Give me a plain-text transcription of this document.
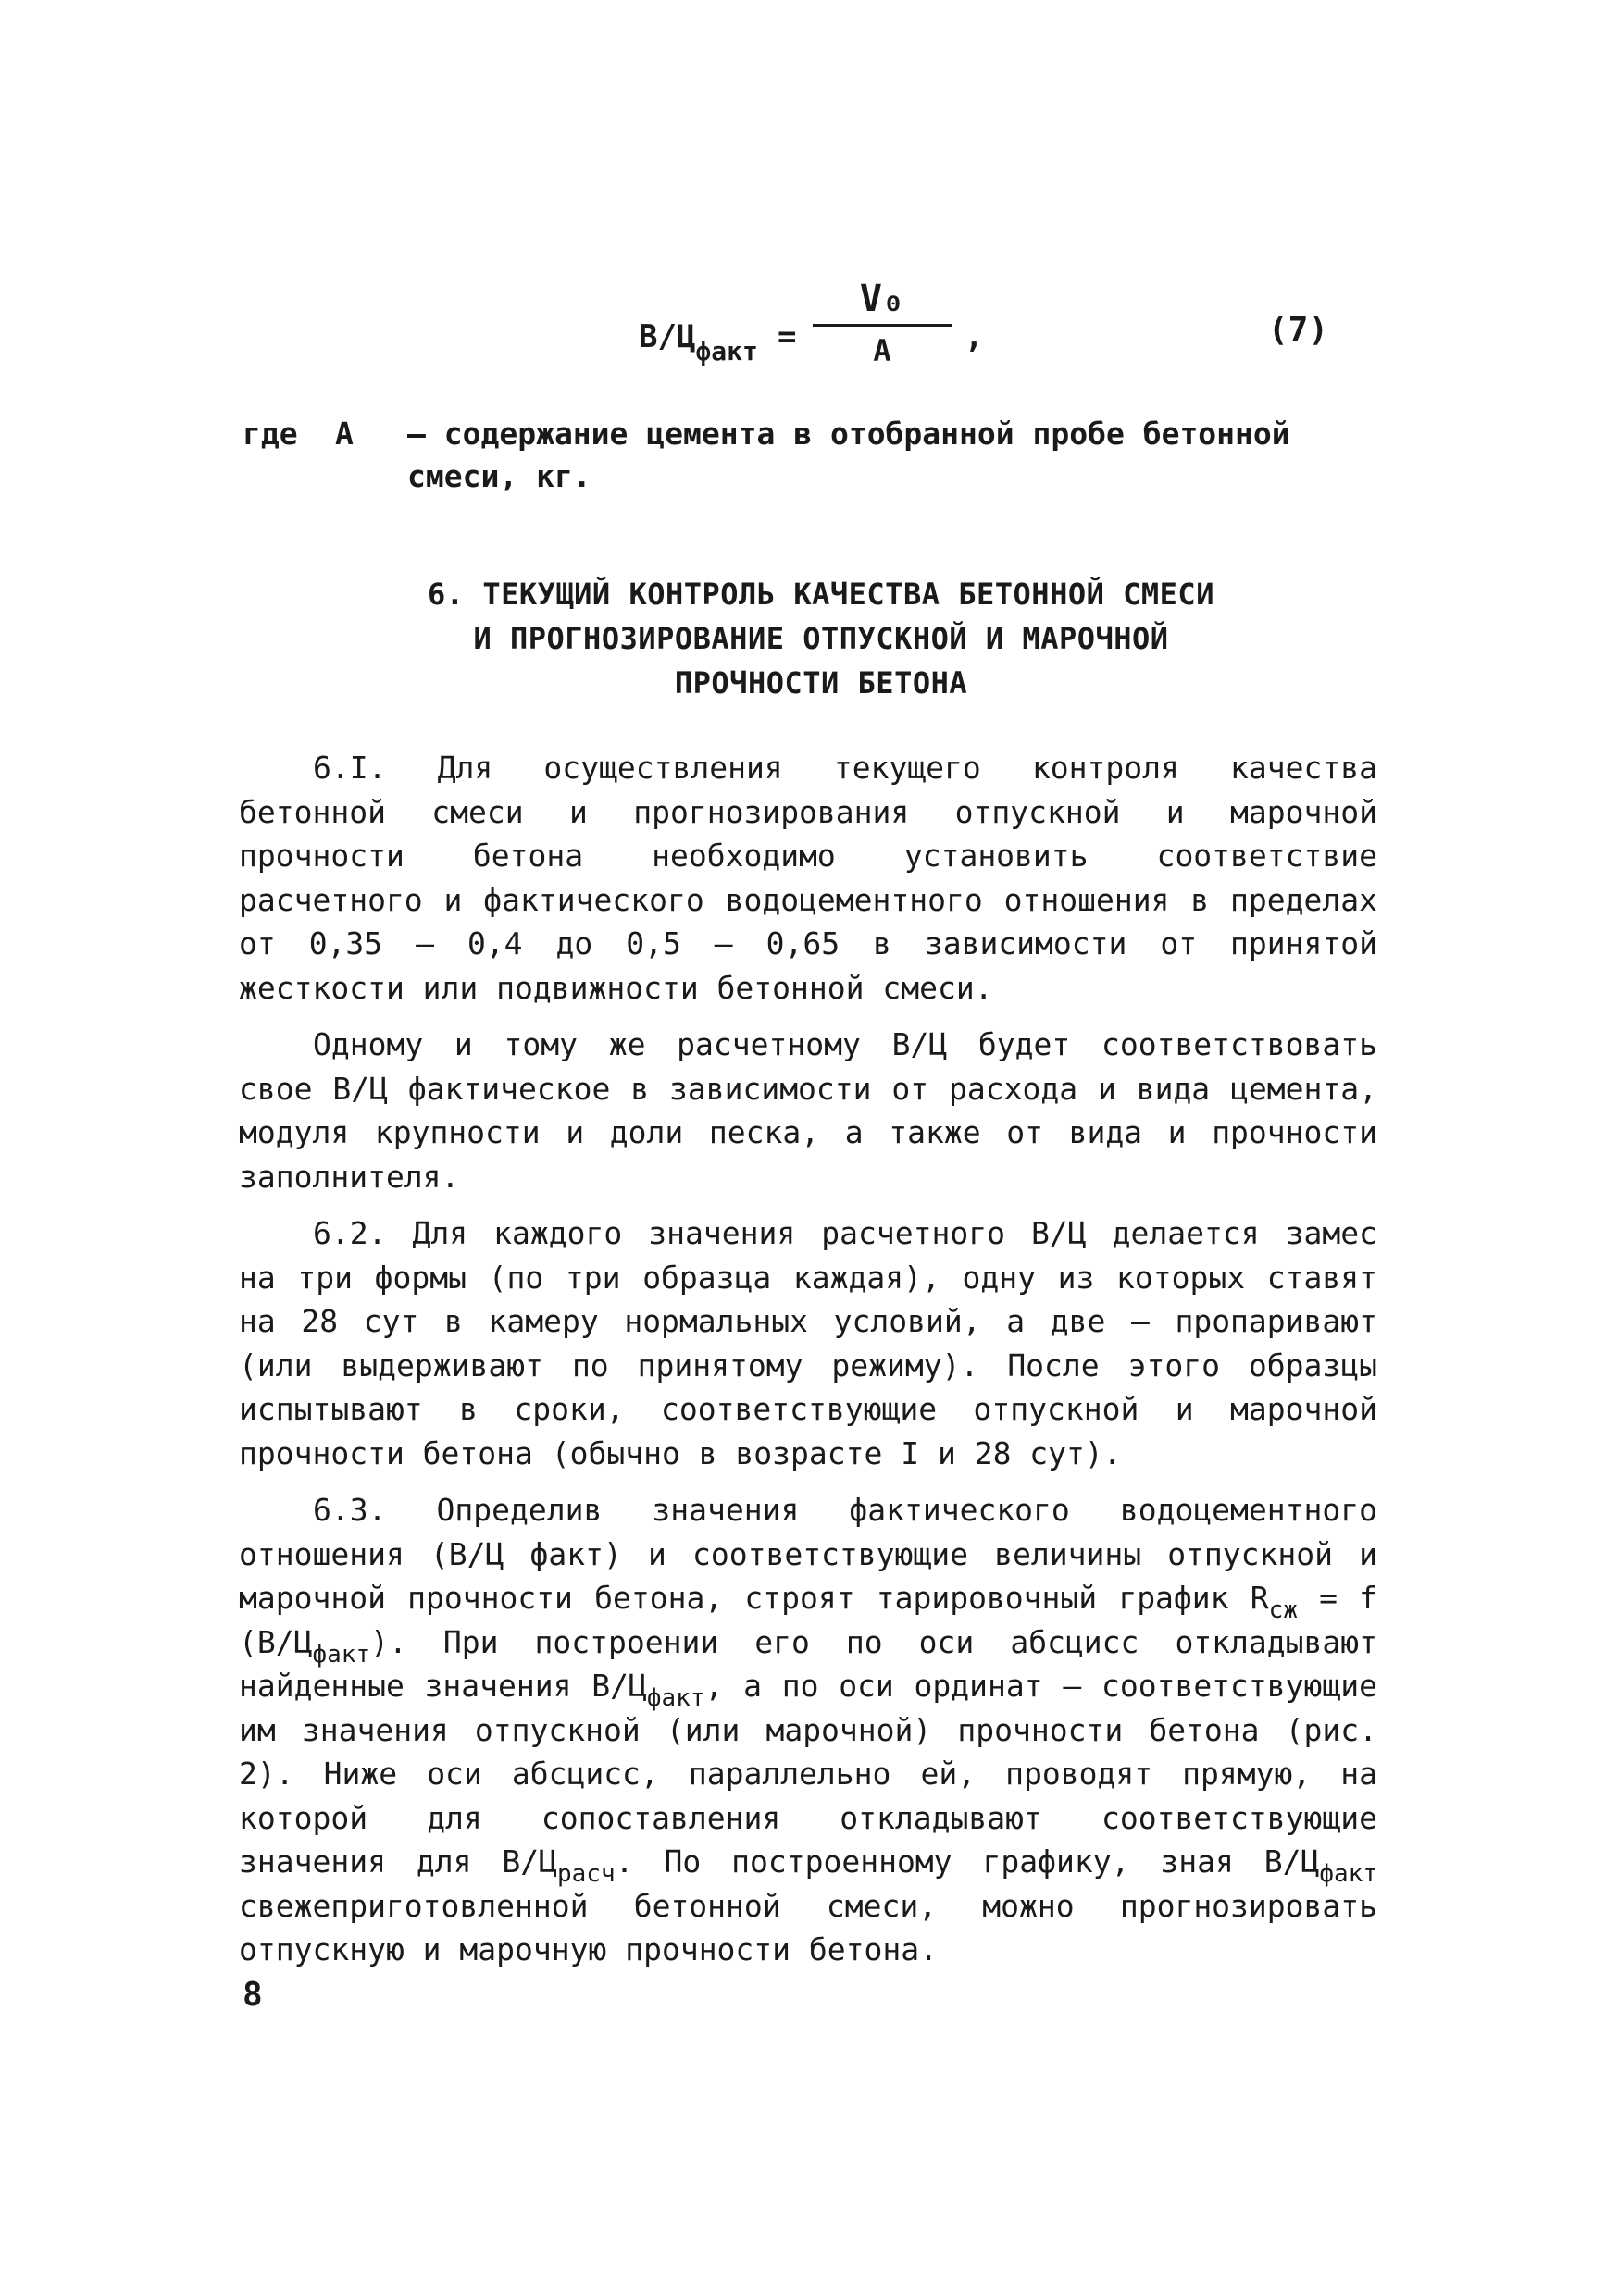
$В/Ц_{факт}$ =
V₀
А	,	(7)
где А – содержание цемента в отобранной пробе бетонной смеси, кг.
6. ТЕКУЩИЙ КОНТРОЛЬ КАЧЕСТВА БЕТОННОЙ СМЕСИ
И ПРОГНОЗИРОВАНИЕ ОТПУСКНОЙ И МАРОЧНОЙ
ПРОЧНОСТИ БЕТОНА

6.I. Для осуществления текущего контроля качества бетонной смеси и прогнозирования отпускной и марочной прочности бетона необходимо установить соответствие расчетного и фактического водоцементного отношения в пределах от 0,35 — 0,4 до 0,5 – 0,65 в зависимости от принятой жесткости или подвижности бетонной смеси.

Одному и тому же расчетному В/Ц будет соответствовать свое В/Ц фактическое в зависимости от расхода и вида цемента, модуля крупности и доли песка, а также от вида и прочности заполнителя.

6.2. Для каждого значения расчетного В/Ц делается замес на три формы (по три образца каждая), одну из которых ставят на 28 сут в камеру нормальных условий, а две – пропаривают (или выдерживают по принятому режиму). После этого образцы испытывают в сроки, соответствующие отпускной и марочной прочности бетона (обычно в возрасте I и 28 сут).

6.3. Определив значения фактического водоцементного отношения (В/Ц факт) и соответствующие величины отпускной и марочной прочности бетона, строят тарировочный график $R_{сж} = f$ $(В/Ц_{факт})$. При построении его по оси абсцисс откладывают найденные значения $В/Ц_{факт}$, а по оси ординат – соответствующие им значения отпускной (или марочной) прочности бетона (рис. 2). Ниже оси абсцисс, параллельно ей, проводят прямую, на которой для сопоставления откладывают соответствующие значения для $В/Ц_{расч}$. По построенному графику, зная $В/Ц_{факт}$ свежеприготовленной бетонной смеси, можно прогнозировать отпускную и марочную прочности бетона.

8
